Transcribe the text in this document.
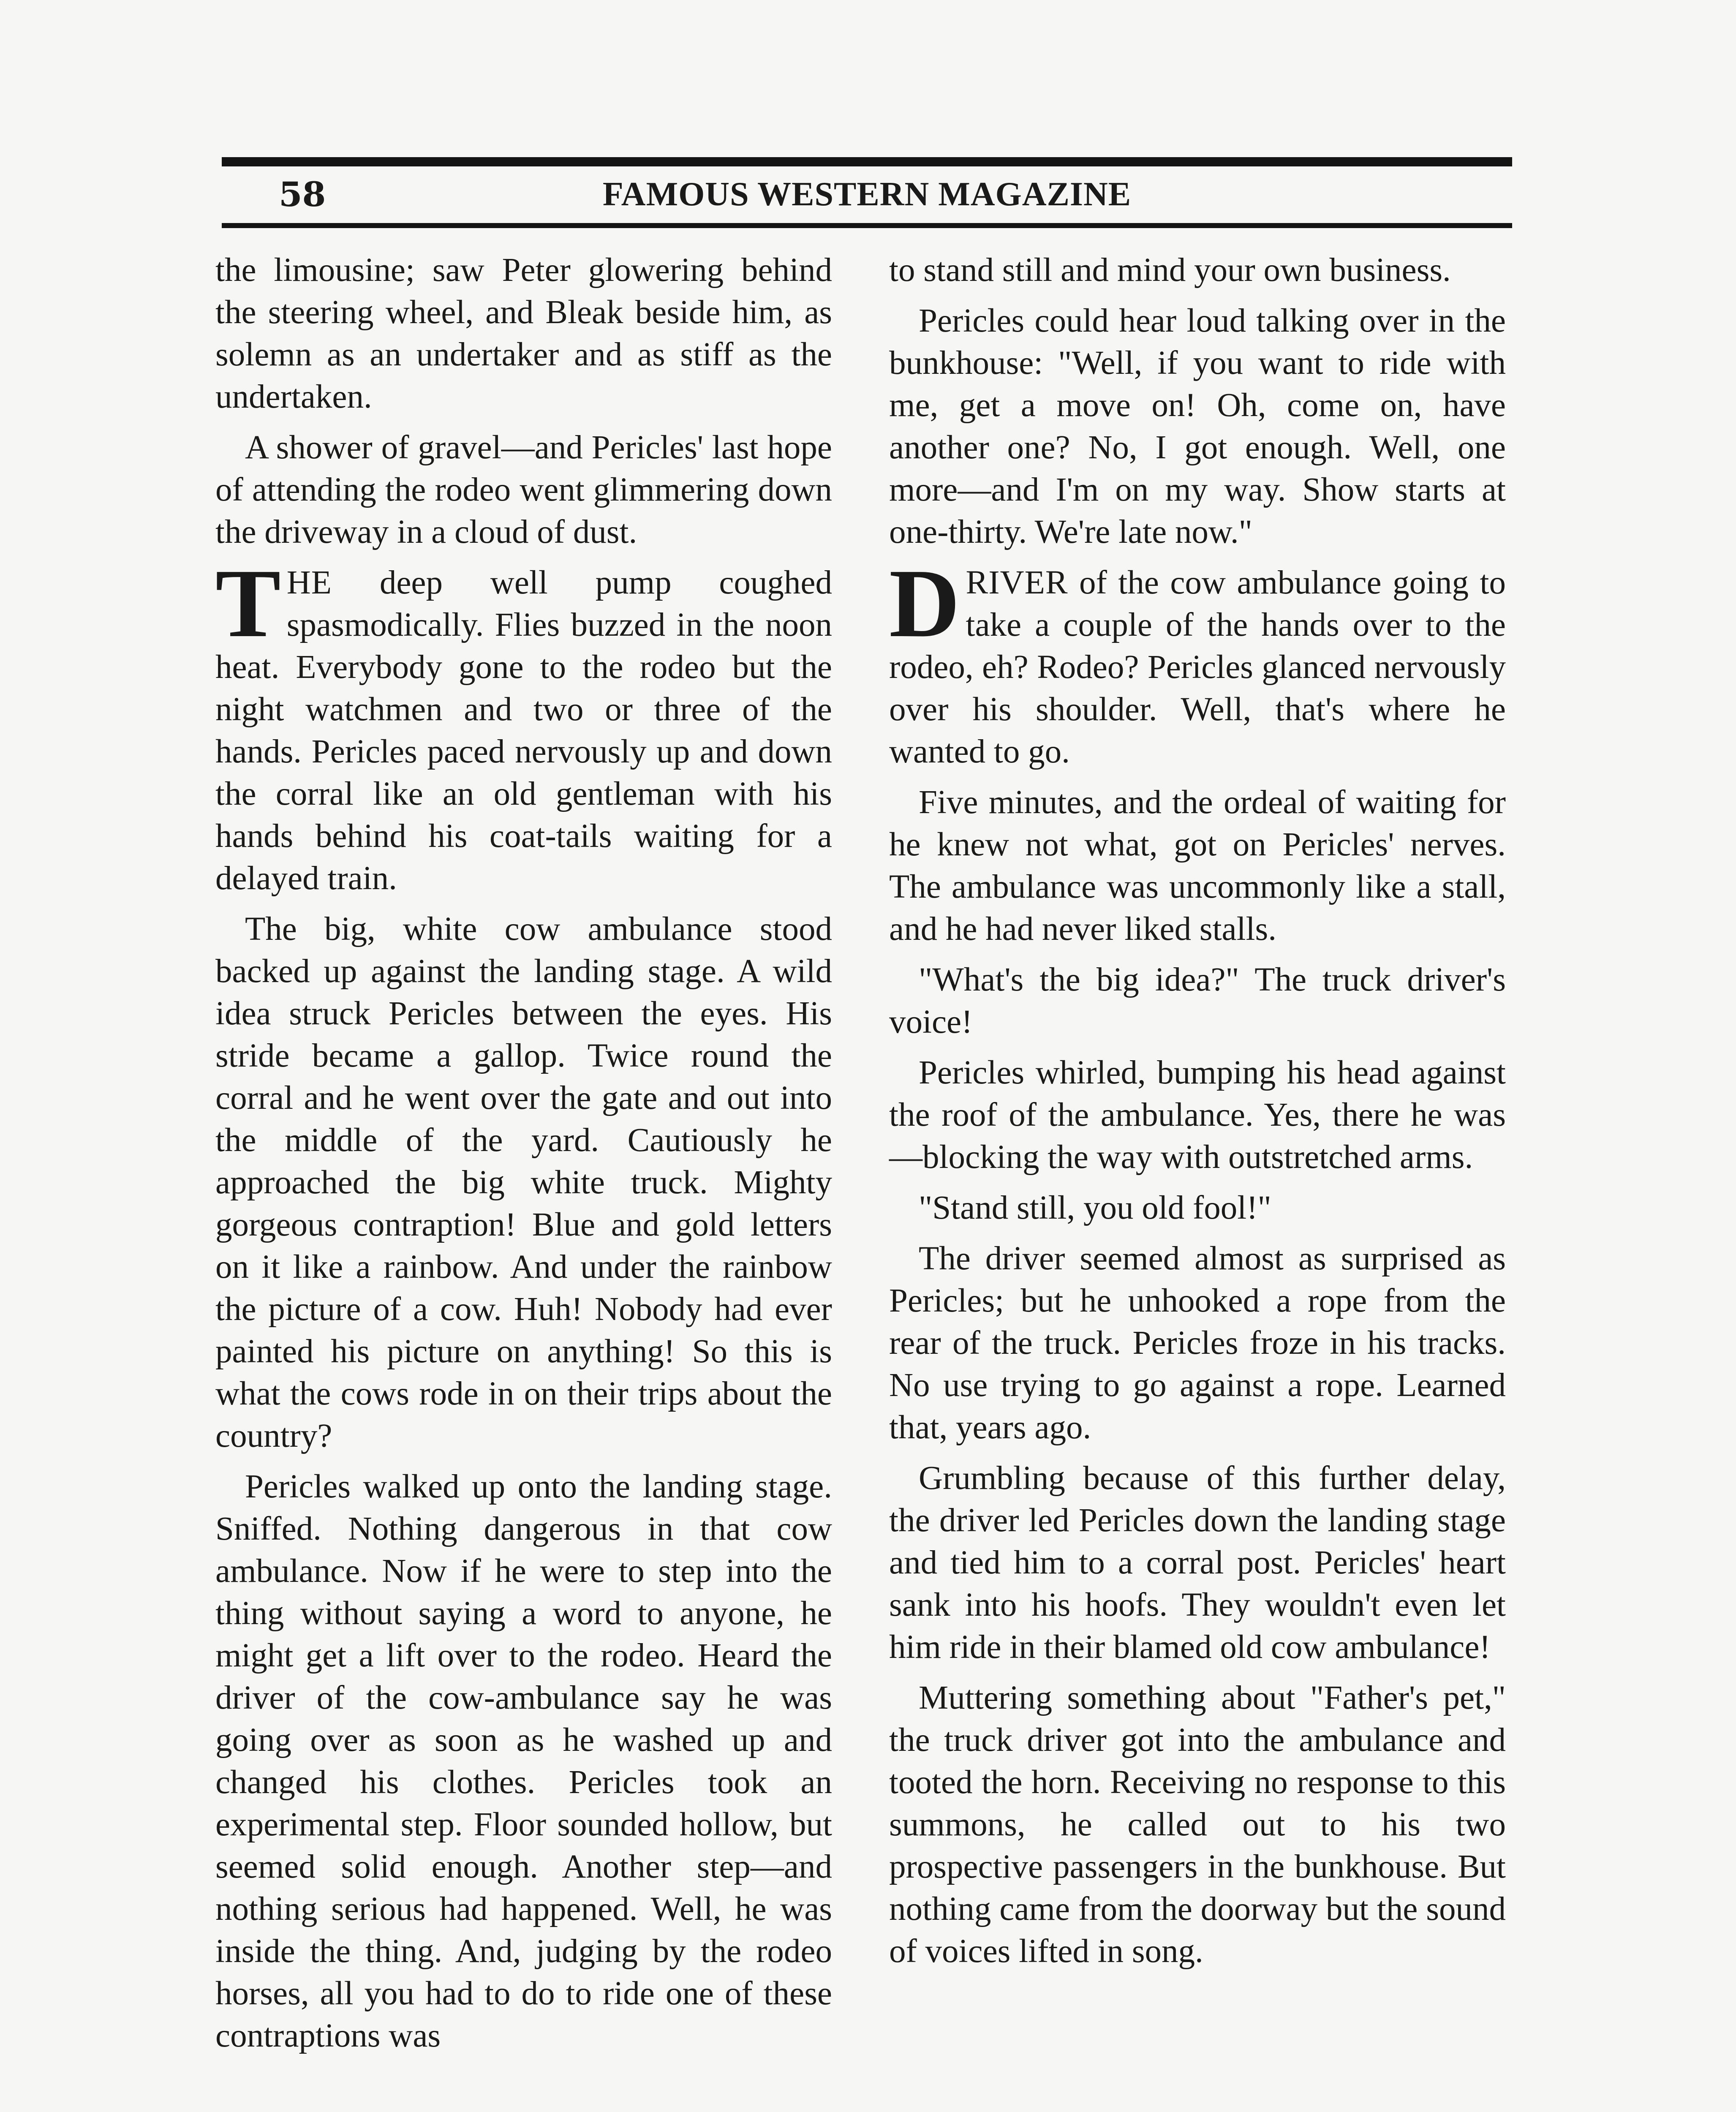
58	FAMOUS WESTERN MAGAZINE

the limousine; saw Peter glowering behind the steering wheel, and Bleak beside him, as solemn as an undertaker and as stiff as the undertaken.

A shower of gravel—and Pericles' last hope of attending the rodeo went glimmering down the driveway in a cloud of dust.

THE deep well pump coughed spasmodically. Flies buzzed in the noon heat. Everybody gone to the rodeo but the night watchmen and two or three of the hands. Pericles paced nervously up and down the corral like an old gentleman with his hands behind his coat-tails waiting for a delayed train.

The big, white cow ambulance stood backed up against the landing stage. A wild idea struck Pericles between the eyes. His stride became a gallop. Twice round the corral and he went over the gate and out into the middle of the yard. Cautiously he approached the big white truck. Mighty gorgeous contraption! Blue and gold letters on it like a rainbow. And under the rainbow the picture of a cow. Huh! Nobody had ever painted his picture on anything! So this is what the cows rode in on their trips about the country?

Pericles walked up onto the landing stage. Sniffed. Nothing dangerous in that cow ambulance. Now if he were to step into the thing without saying a word to anyone, he might get a lift over to the rodeo. Heard the driver of the cow-ambulance say he was going over as soon as he washed up and changed his clothes. Pericles took an experimental step. Floor sounded hollow, but seemed solid enough. Another step—and nothing serious had happened. Well, he was inside the thing. And, judging by the rodeo horses, all you had to do to ride one of these contraptions was

to stand still and mind your own business.

Pericles could hear loud talking over in the bunkhouse: "Well, if you want to ride with me, get a move on! Oh, come on, have another one? No, I got enough. Well, one more—and I'm on my way. Show starts at one-thirty. We're late now."

DRIVER of the cow ambulance going to take a couple of the hands over to the rodeo, eh? Rodeo? Pericles glanced nervously over his shoulder. Well, that's where he wanted to go.

Five minutes, and the ordeal of waiting for he knew not what, got on Pericles' nerves. The ambulance was uncommonly like a stall, and he had never liked stalls.

"What's the big idea?" The truck driver's voice!

Pericles whirled, bumping his head against the roof of the ambulance. Yes, there he was—blocking the way with outstretched arms.

"Stand still, you old fool!"

The driver seemed almost as surprised as Pericles; but he unhooked a rope from the rear of the truck. Pericles froze in his tracks. No use trying to go against a rope. Learned that, years ago.

Grumbling because of this further delay, the driver led Pericles down the landing stage and tied him to a corral post. Pericles' heart sank into his hoofs. They wouldn't even let him ride in their blamed old cow ambulance!

Muttering something about "Father's pet," the truck driver got into the ambulance and tooted the horn. Receiving no response to this summons, he called out to his two prospective passengers in the bunkhouse. But nothing came from the doorway but the sound of voices lifted in song.
